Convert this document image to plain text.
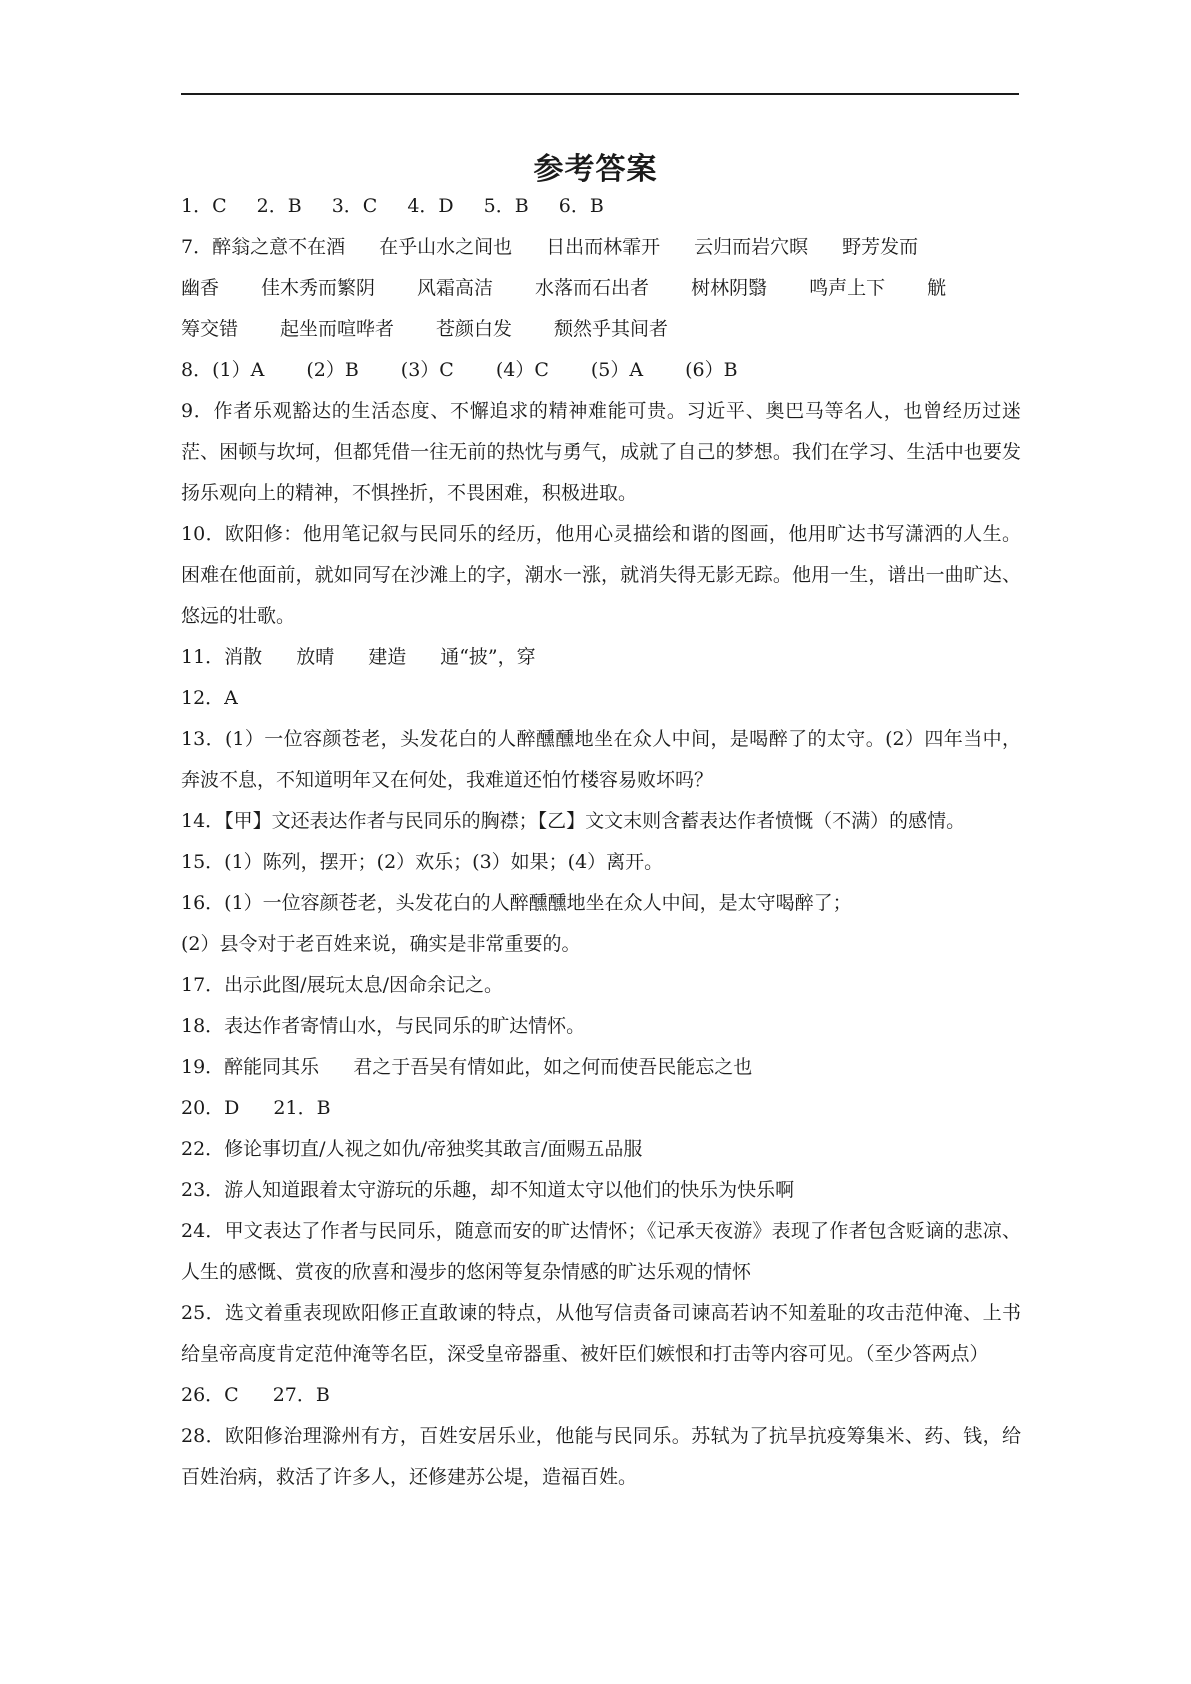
参考答案

1．C 2．B 3．C 4．D 5．B 6．B

7．醉翁之意不在酒 在乎山水之间也 日出而林霏开 云归而岩穴暝 野芳发而

幽香 佳木秀而繁阴 风霜高洁 水落而石出者 树林阴翳 鸣声上下 觥

筹交错 起坐而喧哗者 苍颜白发 颓然乎其间者

8．(1）A (2）B (3）C (4）C (5）A (6）B

9．作者乐观豁达的生活态度、不懈追求的精神难能可贵。习近平、奥巴马等名人，也曾经历过迷茫、困顿与坎坷，但都凭借一往无前的热忱与勇气，成就了自己的梦想。我们在学习、生活中也要发扬乐观向上的精神，不惧挫折，不畏困难，积极进取。

10．欧阳修：他用笔记叙与民同乐的经历，他用心灵描绘和谐的图画，他用旷达书写潇洒的人生。困难在他面前，就如同写在沙滩上的字，潮水一涨，就消失得无影无踪。他用一生，谱出一曲旷达、悠远的壮歌。

11．消散 放晴 建造 通“披”，穿

12．A

13．(1）一位容颜苍老，头发花白的人醉醺醺地坐在众人中间，是喝醉了的太守。(2）四年当中，奔波不息，不知道明年又在何处，我难道还怕竹楼容易败坏吗？

14．【甲】文还表达作者与民同乐的胸襟；【乙】文文末则含蓄表达作者愤慨（不满）的感情。

15．(1）陈列，摆开；(2）欢乐；(3）如果；(4）离开。

16．(1）一位容颜苍老，头发花白的人醉醺醺地坐在众人中间，是太守喝醉了；

(2）县令对于老百姓来说，确实是非常重要的。

17．出示此图/展玩太息/因命余记之。

18．表达作者寄情山水，与民同乐的旷达情怀。

19．醉能同其乐 君之于吾吴有情如此，如之何而使吾民能忘之也

20．D 21．B

22．修论事切直/人视之如仇/帝独奖其敢言/面赐五品服

23．游人知道跟着太守游玩的乐趣，却不知道太守以他们的快乐为快乐啊

24．甲文表达了作者与民同乐，随意而安的旷达情怀；《记承天夜游》表现了作者包含贬谪的悲凉、人生的感慨、赏夜的欣喜和漫步的悠闲等复杂情感的旷达乐观的情怀

25．选文着重表现欧阳修正直敢谏的特点，从他写信责备司谏高若讷不知羞耻的攻击范仲淹、上书给皇帝高度肯定范仲淹等名臣，深受皇帝器重、被奸臣们嫉恨和打击等内容可见。（至少答两点）

26．C 27．B

28．欧阳修治理滁州有方，百姓安居乐业，他能与民同乐。苏轼为了抗旱抗疫筹集米、药、钱，给百姓治病，救活了许多人，还修建苏公堤，造福百姓。
